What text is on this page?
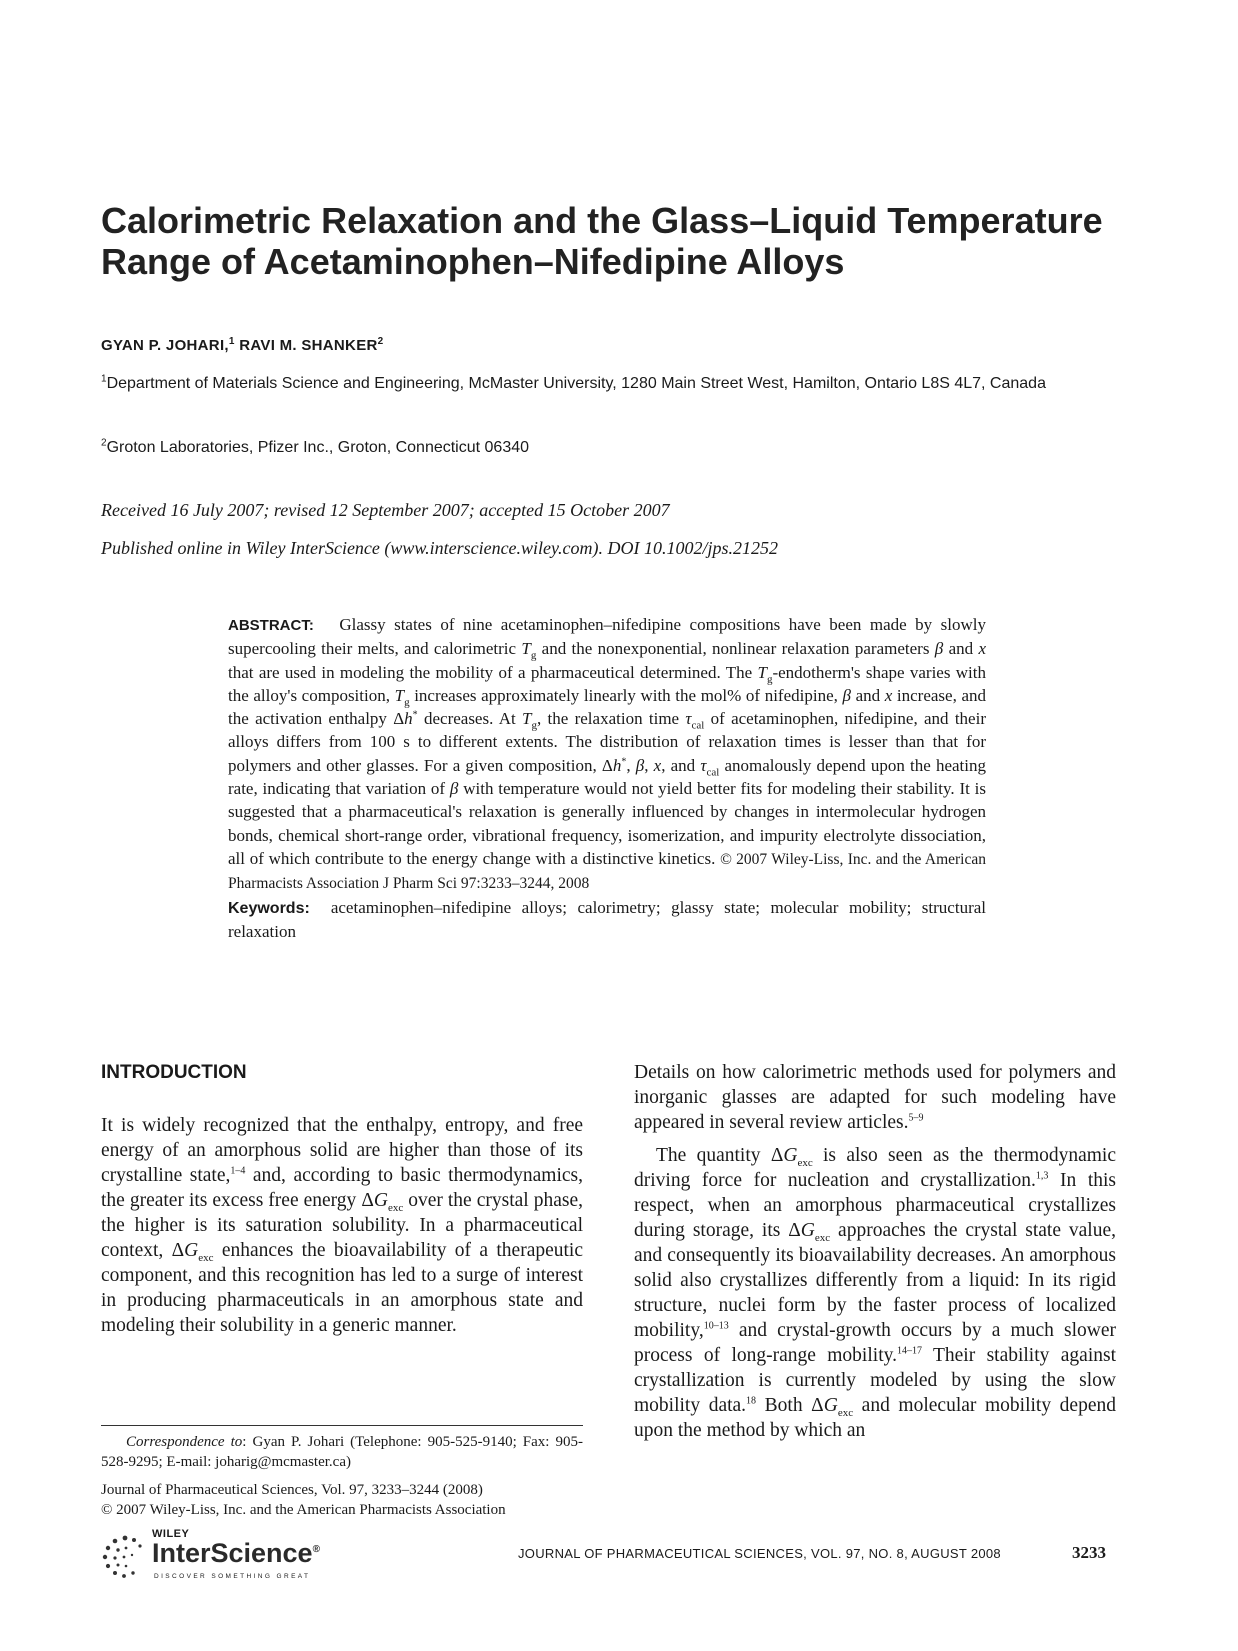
Calorimetric Relaxation and the Glass–Liquid Temperature
Range of Acetaminophen–Nifedipine Alloys
GYAN P. JOHARI,$^1$ RAVI M. SHANKER$^2$
$^1$Department of Materials Science and Engineering, McMaster University, 1280 Main Street West, Hamilton, Ontario L8S 4L7, Canada
$^2$Groton Laboratories, Pfizer Inc., Groton, Connecticut 06340
Received 16 July 2007; revised 12 September 2007; accepted 15 October 2007
Published online in Wiley InterScience (www.interscience.wiley.com). DOI 10.1002/jps.21252
ABSTRACT: Glassy states of nine acetaminophen–nifedipine compositions have been made by slowly supercooling their melts, and calorimetric $T_g$ and the nonexponential, nonlinear relaxation parameters β and x that are used in modeling the mobility of a pharmaceutical determined. The $T_g-endotherm's$ shape varies with the alloy's composition, $T_g$ increases approximately linearly with the mol% of nifedipine, β and x increase, and the activation enthalpy Δh* decreases. At $T_g$, the relaxation time $\tau_{cal}$ of acetaminophen, nifedipine, and their alloys differs from 100 s to different extents. The distribution of relaxation times is lesser than that for polymers and other glasses. For a given composition, Δh*, β, x, and $\tau_{cal}$ anomalously depend upon the heating rate, indicating that variation of β with temperature would not yield better fits for modeling their stability. It is suggested that a pharmaceutical's relaxation is generally influenced by changes in intermolecular hydrogen bonds, chemical short-range order, vibrational frequency, isomerization, and impurity electrolyte dissociation, all of which contribute to the energy change with a distinctive kinetics. © 2007 Wiley-Liss, Inc. and the American Pharmacists Association J Pharm Sci 97:3233–3244, 2008
Keywords: acetaminophen–nifedipine alloys; calorimetry; glassy state; molecular mobility; structural relaxation
INTRODUCTION

It is widely recognized that the enthalpy, entropy, and free energy of an amorphous solid are higher than those of its crystalline state,$^{1-4}$ and, according to basic thermodynamics, the greater its excess free energy $\Delta G_{exc}$ over the crystal phase, the higher is its saturation solubility. In a pharmaceutical context, $\Delta G_{exc}$ enhances the bioavailability of a therapeutic component, and this recognition has led to a surge of interest in producing pharmaceuticals in an amorphous state and modeling their solubility in a generic manner.

Details on how calorimetric methods used for polymers and inorganic glasses are adapted for such modeling have appeared in several review articles.$^{5-9}$

The quantity $\Delta G_{exc}$ is also seen as the thermodynamic driving force for nucleation and crystallization.$^{1,3}$ In this respect, when an amorphous pharmaceutical crystallizes during storage, its $\Delta G_{exc}$ approaches the crystal state value, and consequently its bioavailability decreases. An amorphous solid also crystallizes differently from a liquid: In its rigid structure, nuclei form by the faster process of localized mobility,$^{10-13}$ and crystal-growth occurs by a much slower process of long-range mobility.$^{14-17}$ Their stability against crystallization is currently modeled by using the slow mobility data.$^{18}$ Both $\Delta G_{exc}$ and molecular mobility depend upon the method by which an

Correspondence to: Gyan P. Johari (Telephone: 905-525-9140; Fax: 905-528-9295; E-mail: joharig@mcmaster.ca)
Journal of Pharmaceutical Sciences, Vol. 97, 3233–3244 (2008)
© 2007 Wiley-Liss, Inc. and the American Pharmacists Association
WILEY
InterScience®
DISCOVER SOMETHING GREAT
JOURNAL OF PHARMACEUTICAL SCIENCES, VOL. 97, NO. 8, AUGUST 2008	3233
